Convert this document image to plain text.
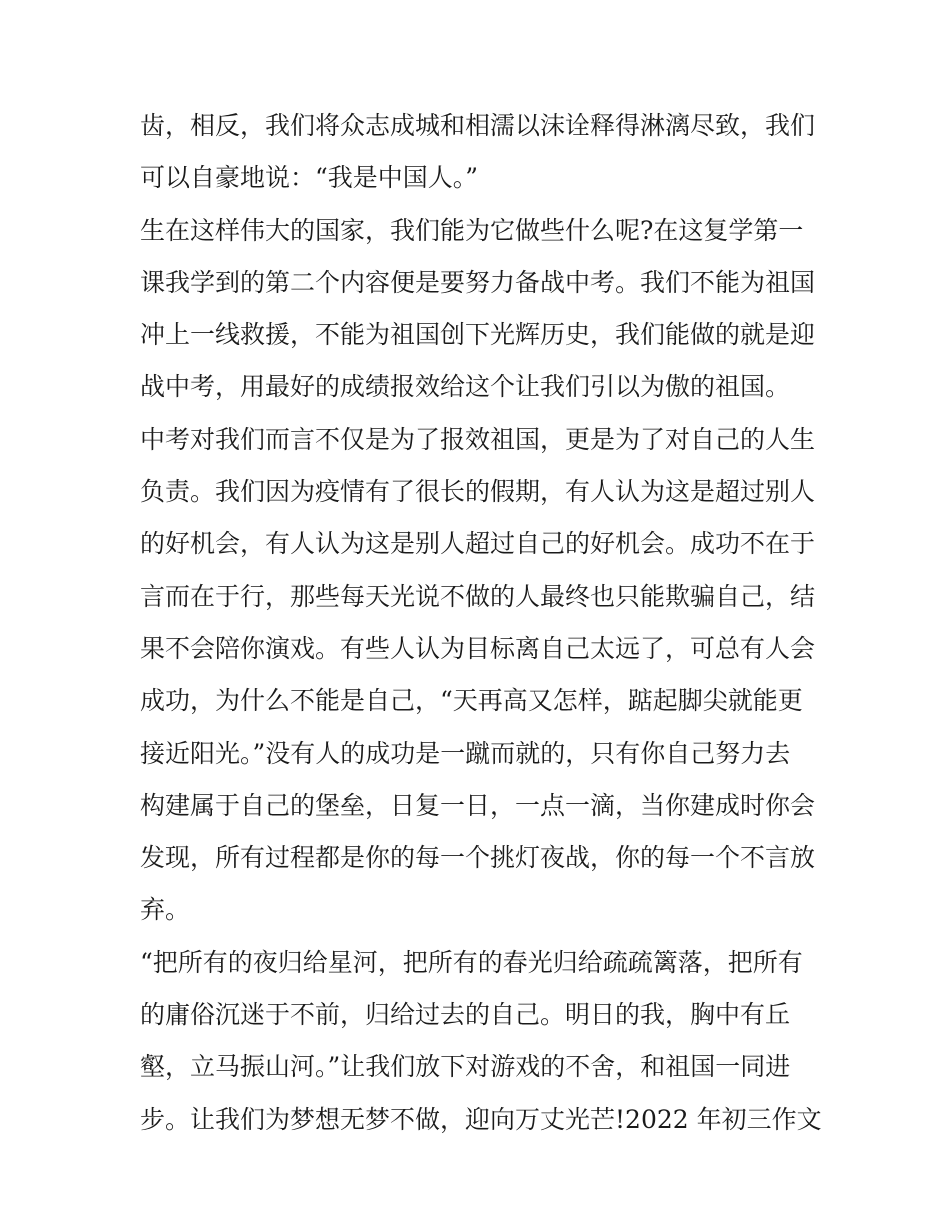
齿，相反，我们将众志成城和相濡以沫诠释得淋漓尽致，我们
可以自豪地说：“我是中国人。”
生在这样伟大的国家，我们能为它做些什么呢?在这复学第一
课我学到的第二个内容便是要努力备战中考。我们不能为祖国
冲上一线救援，不能为祖国创下光辉历史，我们能做的就是迎
战中考，用最好的成绩报效给这个让我们引以为傲的祖国。
中考对我们而言不仅是为了报效祖国，更是为了对自己的人生
负责。我们因为疫情有了很长的假期，有人认为这是超过别人
的好机会，有人认为这是别人超过自己的好机会。成功不在于
言而在于行，那些每天光说不做的人最终也只能欺骗自己，结
果不会陪你演戏。有些人认为目标离自己太远了，可总有人会
成功，为什么不能是自己，“天再高又怎样，踮起脚尖就能更
接近阳光。”没有人的成功是一蹴而就的，只有你自己努力去
构建属于自己的堡垒，日复一日，一点一滴，当你建成时你会
发现，所有过程都是你的每一个挑灯夜战，你的每一个不言放
弃。
“把所有的夜归给星河，把所有的春光归给疏疏篱落，把所有
的庸俗沉迷于不前，归给过去的自己。明日的我，胸中有丘
壑，立马振山河。”让我们放下对游戏的不舍，和祖国一同进
步。让我们为梦想无梦不做，迎向万丈光芒!2022 年初三作文
